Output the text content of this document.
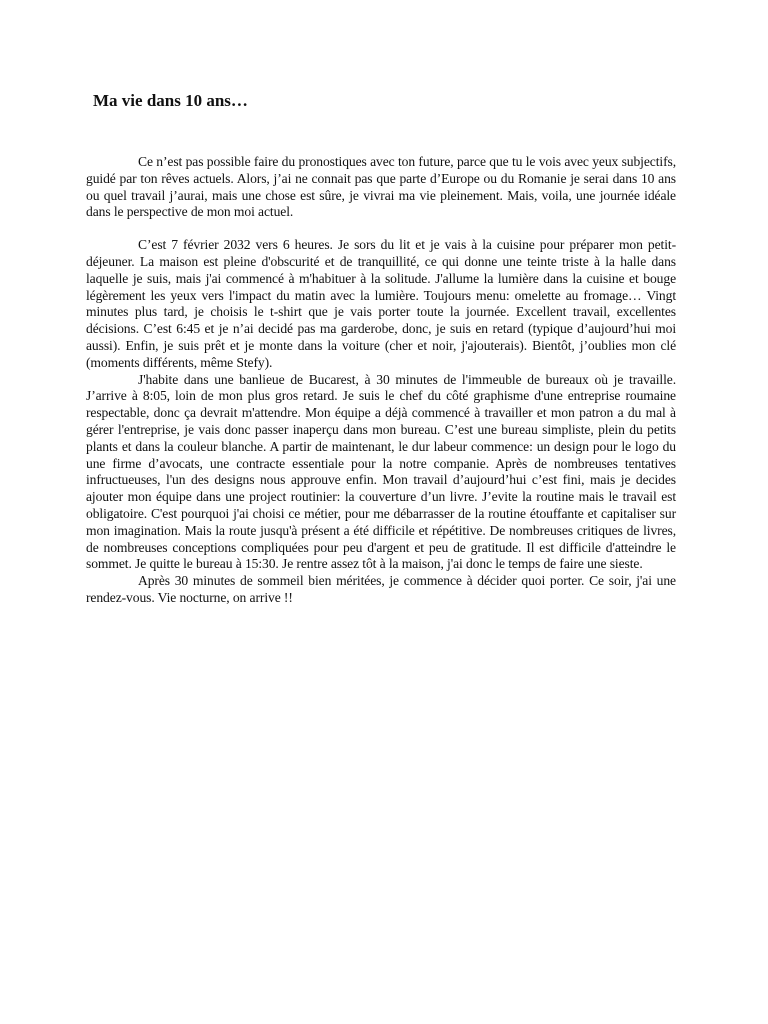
Ma vie dans 10 ans…

Ce n’est pas possible faire du pronostiques avec ton future, parce que tu le vois avec yeux subjectifs, guidé par ton rêves actuels. Alors, j’ai ne connait pas que parte d’Europe ou du Romanie je serai dans 10 ans ou quel travail j’aurai, mais une chose est sûre, je vivrai ma vie pleinement. Mais, voila, une journée idéale dans le perspective de mon moi actuel.

C’est 7 février 2032 vers 6 heures. Je sors du lit et je vais à la cuisine pour préparer mon petit-déjeuner. La maison est pleine d'obscurité et de tranquillité, ce qui donne une teinte triste à la halle dans laquelle je suis, mais j'ai commencé à m'habituer à la solitude. J'allume la lumière dans la cuisine et bouge légèrement les yeux vers l'impact du matin avec la lumière. Toujours menu: omelette au fromage… Vingt minutes plus tard, je choisis le t-shirt que je vais porter toute la journée. Excellent travail, excellentes décisions. C’est 6:45 et je n’ai decidé pas ma garderobe, donc, je suis en retard (typique d’aujourd’hui moi aussi). Enfin, je suis prêt et je monte dans la voiture (cher et noir, j'ajouterais). Bientôt, j’oublies mon clé (moments différents, même Stefy).

J'habite dans une banlieue de Bucarest, à 30 minutes de l'immeuble de bureaux où je travaille. J’arrive à 8:05, loin de mon plus gros retard. Je suis le chef du côté graphisme d'une entreprise roumaine respectable, donc ça devrait m'attendre. Mon équipe a déjà commencé à travailler et mon patron a du mal à gérer l'entreprise, je vais donc passer inaperçu dans mon bureau. C’est une bureau simpliste, plein du petits plants et dans la couleur blanche. A partir de maintenant, le dur labeur commence: un design pour le logo du une firme d’avocats, une contracte essentiale pour la notre companie. Après de nombreuses tentatives infructueuses, l'un des designs nous approuve enfin. Mon travail d’aujourd’hui c’est fini, mais je decides ajouter mon équipe dans une project routinier: la couverture d’un livre. J’evite la routine mais le travail est obligatoire. C'est pourquoi j'ai choisi ce métier, pour me débarrasser de la routine étouffante et capitaliser sur mon imagination. Mais la route jusqu'à présent a été difficile et répétitive. De nombreuses critiques de livres, de nombreuses conceptions compliquées pour peu d'argent et peu de gratitude. Il est difficile d'atteindre le sommet. Je quitte le bureau à 15:30. Je rentre assez tôt à la maison, j'ai donc le temps de faire une sieste.

Après 30 minutes de sommeil bien méritées, je commence à décider quoi porter. Ce soir, j'ai une rendez-vous. Vie nocturne, on arrive !!
